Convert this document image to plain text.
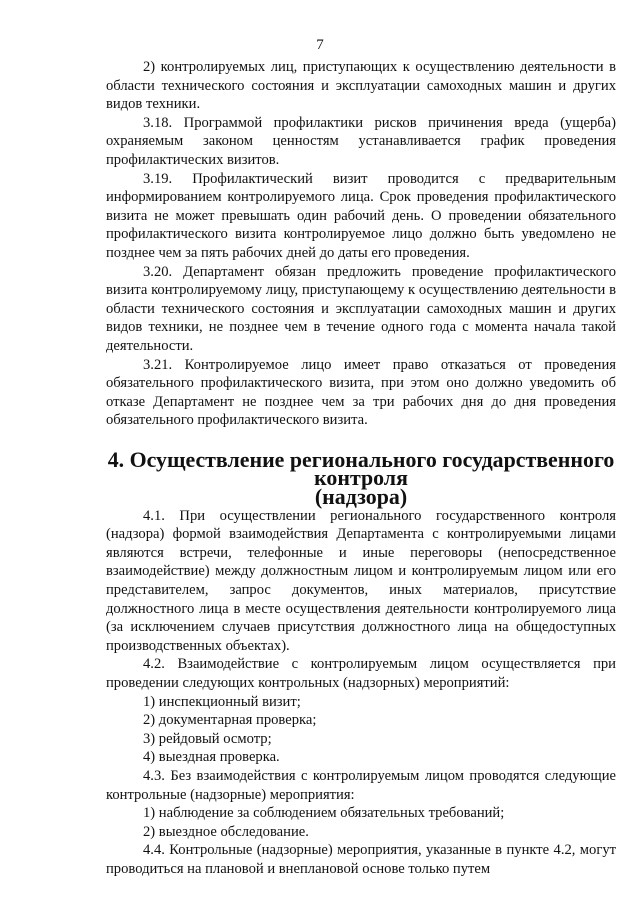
7

2) контролируемых лиц, приступающих к осуществлению деятельности в области технического состояния и эксплуатации самоходных машин и других видов техники.

3.18. Программой профилактики рисков причинения вреда (ущерба) охраняемым законом ценностям устанавливается график проведения профилактических визитов.

3.19. Профилактический визит проводится с предварительным информированием контролируемого лица. Срок проведения профилактического визита не может превышать один рабочий день. О проведении обязательного профилактического визита контролируемое лицо должно быть уведомлено не позднее чем за пять рабочих дней до даты его проведения.

3.20. Департамент обязан предложить проведение профилактического визита контролируемому лицу, приступающему к осуществлению деятельности в области технического состояния и эксплуатации самоходных машин и других видов техники, не позднее чем в течение одного года с момента начала такой деятельности.

3.21. Контролируемое лицо имеет право отказаться от проведения обязательного профилактического визита, при этом оно должно уведомить об отказе Департамент не позднее чем за три рабочих дня до дня проведения обязательного профилактического визита.

4. Осуществление регионального государственного контроля
(надзора)

4.1. При осуществлении регионального государственного контроля (надзора) формой взаимодействия Департамента с контролируемыми лицами являются встречи, телефонные и иные переговоры (непосредственное взаимодействие) между должностным лицом и контролируемым лицом или его представителем, запрос документов, иных материалов, присутствие должностного лица в месте осуществления деятельности контролируемого лица (за исключением случаев присутствия должностного лица на общедоступных производственных объектах).

4.2. Взаимодействие с контролируемым лицом осуществляется при проведении следующих контрольных (надзорных) мероприятий:

1) инспекционный визит;

2) документарная проверка;

3) рейдовый осмотр;

4) выездная проверка.

4.3. Без взаимодействия с контролируемым лицом проводятся следующие контрольные (надзорные) мероприятия:

1) наблюдение за соблюдением обязательных требований;

2) выездное обследование.

4.4. Контрольные (надзорные) мероприятия, указанные в пункте 4.2, могут проводиться на плановой и внеплановой основе только путем
